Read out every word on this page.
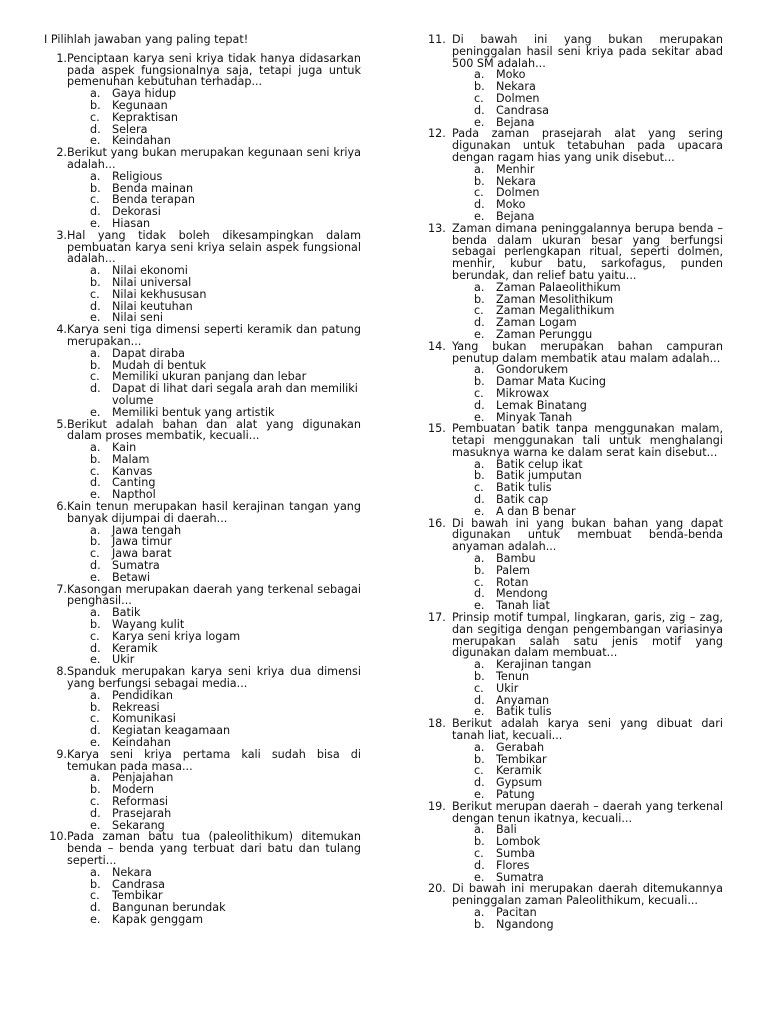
I Pilihlah jawaban yang paling tepat!
1. Penciptaan karya seni kriya tidak hanya didasarkan pada aspek fungsionalnya saja, tetapi juga untuk pemenuhan kebutuhan terhadap...
a.	Gaya hidup
b.	Kegunaan
c.	Kepraktisan
d.	Selera
e.	Keindahan
2. Berikut yang bukan merupakan kegunaan seni kriya adalah...
a.	Religious
b.	Benda mainan
c.	Benda terapan
d.	Dekorasi
e.	Hiasan
3. Hal yang tidak boleh dikesampingkan dalam pembuatan karya seni kriya selain aspek fungsional adalah...
a.	Nilai ekonomi
b.	Nilai universal
c.	Nilai kekhususan
d.	Nilai keutuhan
e.	Nilai seni
4. Karya seni tiga dimensi seperti keramik dan patung merupakan...
a.	Dapat diraba
b.	Mudah di bentuk
c.	Memiliki ukuran panjang dan lebar
d.	Dapat di lihat dari segala arah dan memiliki volume
e.	Memiliki bentuk yang artistik
5. Berikut adalah bahan dan alat yang digunakan dalam proses membatik, kecuali...
a.	Kain
b.	Malam
c.	Kanvas
d.	Canting
e.	Napthol
6. Kain tenun merupakan hasil kerajinan tangan yang banyak dijumpai di daerah...
a.	Jawa tengah
b.	Jawa timur
c.	Jawa barat
d.	Sumatra
e.	Betawi
7. Kasongan merupakan daerah yang terkenal sebagai penghasil...
a.	Batik
b.	Wayang kulit
c.	Karya seni kriya logam
d.	Keramik
e.	Ukir
8. Spanduk merupakan karya seni kriya dua dimensi yang berfungsi sebagai media...
a.	Pendidikan
b.	Rekreasi
c.	Komunikasi
d.	Kegiatan keagamaan
e.	Keindahan
9. Karya seni kriya pertama kali sudah bisa di temukan pada masa...
a.	Penjajahan
b.	Modern
c.	Reformasi
d.	Prasejarah
e.	Sekarang
10. Pada zaman batu tua (paleolithikum) ditemukan benda – benda yang terbuat dari batu dan tulang seperti...
a.	Nekara
b.	Candrasa
c.	Tembikar
d.	Bangunan berundak
e.	Kapak genggam
11. Di bawah ini yang bukan merupakan peninggalan hasil seni kriya pada sekitar abad 500 SM adalah...
a.	Moko
b.	Nekara
c.	Dolmen
d.	Candrasa
e.	Bejana
12. Pada zaman prasejarah alat yang sering digunakan untuk tetabuhan pada upacara dengan ragam hias yang unik disebut...
a.	Menhir
b.	Nekara
c.	Dolmen
d.	Moko
e.	Bejana
13. Zaman dimana peninggalannya berupa benda – benda dalam ukuran besar yang berfungsi sebagai perlengkapan ritual, seperti dolmen, menhir, kubur batu, sarkofagus, punden berundak, dan relief batu yaitu...
a.	Zaman Palaeolithikum
b.	Zaman Mesolithikum
c.	Zaman Megalithikum
d.	Zaman Logam
e.	Zaman Perunggu
14. Yang bukan merupakan bahan campuran penutup dalam membatik atau malam adalah...
a.	Gondorukem
b.	Damar Mata Kucing
c.	Mikrowax
d.	Lemak Binatang
e.	Minyak Tanah
15. Pembuatan batik tanpa menggunakan malam, tetapi menggunakan tali untuk menghalangi masuknya warna ke dalam serat kain disebut...
a.	Batik celup ikat
b.	Batik jumputan
c.	Batik tulis
d.	Batik cap
e.	A dan B benar
16. Di bawah ini yang bukan bahan yang dapat digunakan untuk membuat benda-benda anyaman adalah...
a.	Bambu
b.	Palem
c.	Rotan
d.	Mendong
e.	Tanah liat
17. Prinsip motif tumpal, lingkaran, garis, zig – zag, dan segitiga dengan pengembangan variasinya merupakan salah satu jenis motif yang digunakan dalam membuat...
a.	Kerajinan tangan
b.	Tenun
c.	Ukir
d.	Anyaman
e.	Batik tulis
18. Berikut adalah karya seni yang dibuat dari tanah liat, kecuali...
a.	Gerabah
b.	Tembikar
c.	Keramik
d.	Gypsum
e.	Patung
19. Berikut merupan daerah – daerah yang terkenal dengan tenun ikatnya, kecuali...
a.	Bali
b.	Lombok
c.	Sumba
d.	Flores
e.	Sumatra
20. Di bawah ini merupakan daerah ditemukannya peninggalan zaman Paleolithikum, kecuali...
a.	Pacitan
b.	Ngandong
